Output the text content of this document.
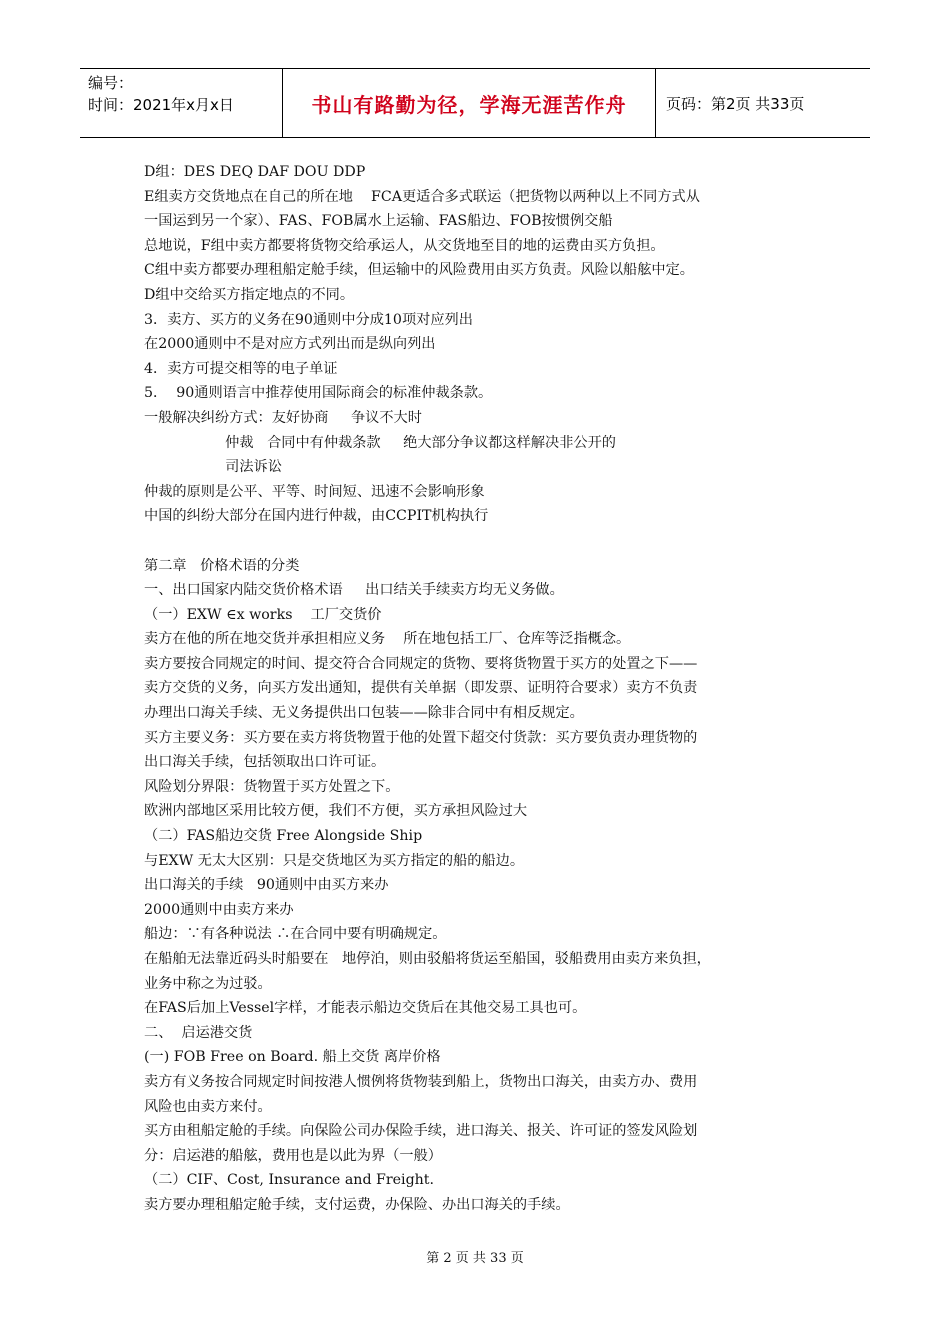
编号：
时间：2021年x月x日	书山有路勤为径，学海无涯苦作舟	页码：第2页 共33页
D组：DES DEQ DAF DOU DDP
E组卖方交货地点在自己的所在地    FCA更适合多式联运（把货物以两种以上不同方式从
一国运到另一个家）、FAS、FOB属水上运输、FAS船边、FOB按惯例交船
总地说，F组中卖方都要将货物交给承运人，从交货地至目的地的运费由买方负担。
C组中卖方都要办理租船定舱手续，但运输中的风险费用由买方负责。风险以船舷中定。
D组中交给买方指定地点的不同。
3．卖方、买方的义务在90通则中分成10项对应列出
在2000通则中不是对应方式列出而是纵向列出
4．卖方可提交相等的电子单证
5．  90通则语言中推荐使用国际商会的标准仲裁条款。
一般解决纠纷方式：友好协商     争议不大时
仲裁   合同中有仲裁条款     绝大部分争议都这样解决非公开的
司法诉讼
仲裁的原则是公平、平等、时间短、迅速不会影响形象
中国的纠纷大部分在国内进行仲裁，由CCPIT机构执行
第二章   价格术语的分类
一、出口国家内陆交货价格术语     出口结关手续卖方均无义务做。
（一）EXW ∈x works    工厂交货价
卖方在他的所在地交货并承担相应义务    所在地包括工厂、仓库等泛指概念。
卖方要按合同规定的时间、提交符合合同规定的货物、要将货物置于买方的处置之下——
卖方交货的义务，向买方发出通知，提供有关单据（即发票、证明符合要求）卖方不负责
办理出口海关手续、无义务提供出口包装——除非合同中有相反规定。
买方主要义务：买方要在卖方将货物置于他的处置下超交付货款：买方要负责办理货物的
出口海关手续，包括领取出口许可证。
风险划分界限：货物置于买方处置之下。
欧洲内部地区采用比较方便，我们不方便，买方承担风险过大
（二）FAS船边交货 Free Alongside Ship
与EXW 无太大区别：只是交货地区为买方指定的船的船边。
出口海关的手续   90通则中由买方来办
2000通则中由卖方来办
船边：∵有各种说法 ∴在合同中要有明确规定。
在船舶无法靠近码头时船要在   地停泊，则由驳船将货运至船国，驳船费用由卖方来负担，
业务中称之为过驳。
在FAS后加上Vessel字样，才能表示船边交货后在其他交易工具也可。
二、  启运港交货
(一) FOB Free on Board. 船上交货 离岸价格
卖方有义务按合同规定时间按港人惯例将货物装到船上，货物出口海关，由卖方办、费用
风险也由卖方来付。
买方由租船定舱的手续。向保险公司办保险手续，进口海关、报关、许可证的签发风险划
分：启运港的船舷，费用也是以此为界（一般）
（二）CIF、Cost, Insurance and Freight.
卖方要办理租船定舱手续，支付运费，办保险、办出口海关的手续。
第 2 页 共 33 页
